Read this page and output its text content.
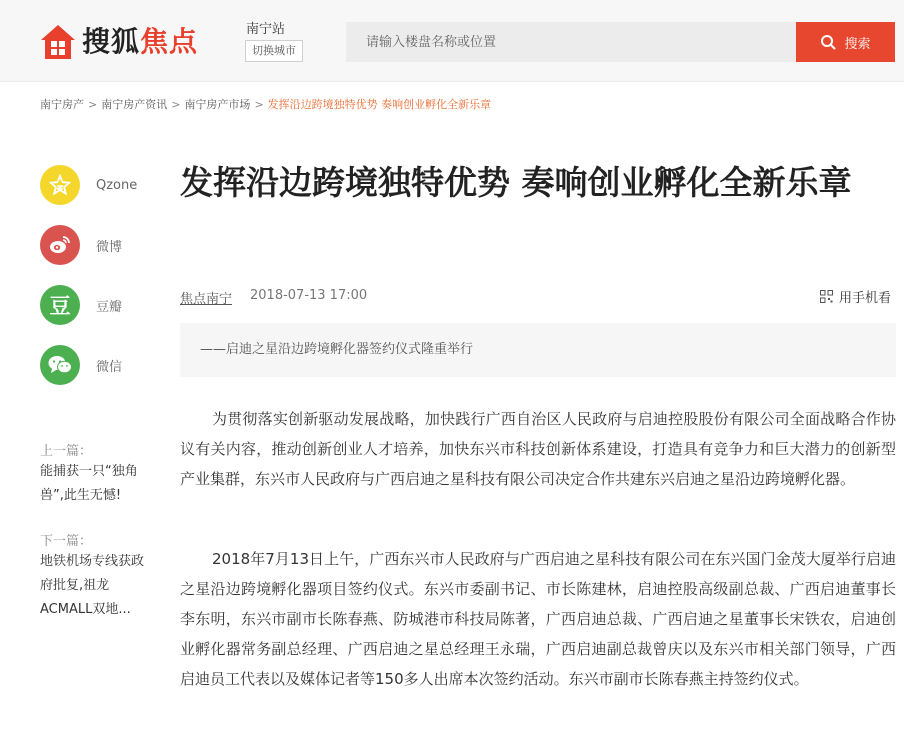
搜狐焦点	南宁站
切换城市
请输入楼盘名称或位置	搜索
南宁房产 > 南宁房产资讯 > 南宁房产市场 > 发挥沿边跨境独特优势 奏响创业孵化全新乐章
Qzone
微博
豆 豆瓣
微信
上一篇：
能捕获一只“独角兽”,此生无憾!
下一篇：
地铁机场专线获政府批复,祖龙ACMALL双地...
发挥沿边跨境独特优势 奏响创业孵化全新乐章
焦点南宁 2018-07-13 17:00	用手机看
——启迪之星沿边跨境孵化器签约仪式隆重举行

为贯彻落实创新驱动发展战略，加快践行广西自治区人民政府与启迪控股股份有限公司全面战略合作协议有关内容，推动创新创业人才培养，加快东兴市科技创新体系建设，打造具有竞争力和巨大潜力的创新型产业集群，东兴市人民政府与广西启迪之星科技有限公司决定合作共建东兴启迪之星沿边跨境孵化器。

2018年7月13日上午，广西东兴市人民政府与广西启迪之星科技有限公司在东兴国门金茂大厦举行启迪之星沿边跨境孵化器项目签约仪式。东兴市委副书记、市长陈建林，启迪控股高级副总裁、广西启迪董事长李东明，东兴市副市长陈春燕、防城港市科技局陈著，广西启迪总裁、广西启迪之星董事长宋铁农，启迪创业孵化器常务副总经理、广西启迪之星总经理王永瑞，广西启迪副总裁曾庆以及东兴市相关部门领导，广西启迪员工代表以及媒体记者等150多人出席本次签约活动。东兴市副市长陈春燕主持签约仪式。
